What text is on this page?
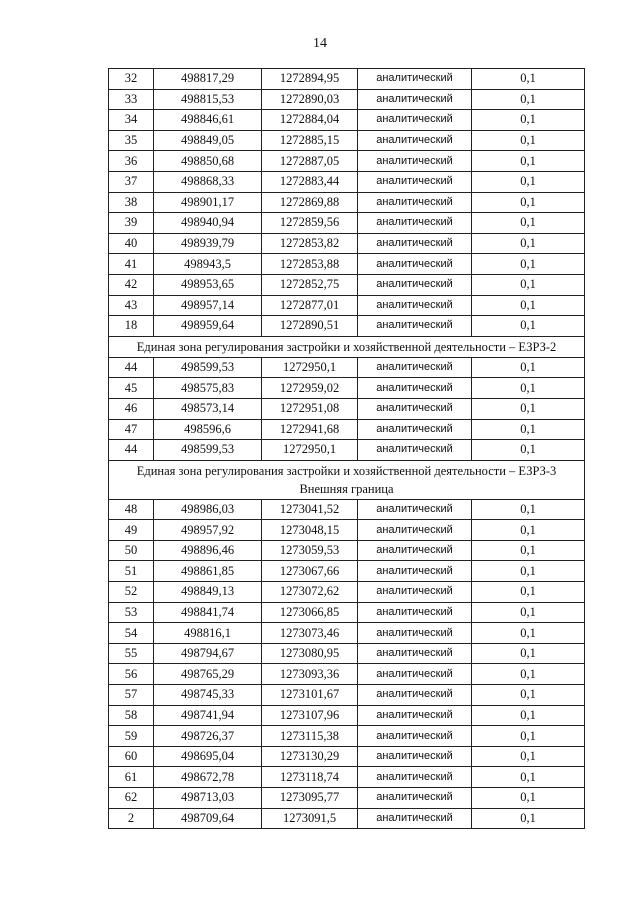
14
32	498817,29	1272894,95	аналитический	0,1
33	498815,53	1272890,03	аналитический	0,1
34	498846,61	1272884,04	аналитический	0,1
35	498849,05	1272885,15	аналитический	0,1
36	498850,68	1272887,05	аналитический	0,1
37	498868,33	1272883,44	аналитический	0,1
38	498901,17	1272869,88	аналитический	0,1
39	498940,94	1272859,56	аналитический	0,1
40	498939,79	1272853,82	аналитический	0,1
41	498943,5	1272853,88	аналитический	0,1
42	498953,65	1272852,75	аналитический	0,1
43	498957,14	1272877,01	аналитический	0,1
18	498959,64	1272890,51	аналитический	0,1

Единая зона регулирования застройки и хозяйственной деятельности – ЕЗРЗ-2				

44	498599,53	1272950,1	аналитический	0,1
45	498575,83	1272959,02	аналитический	0,1
46	498573,14	1272951,08	аналитический	0,1
47	498596,6	1272941,68	аналитический	0,1
44	498599,53	1272950,1	аналитический	0,1

Единая зона регулирования застройки и хозяйственной деятельности – ЕЗРЗ-3
Внешняя граница				

48	498986,03	1273041,52	аналитический	0,1
49	498957,92	1273048,15	аналитический	0,1
50	498896,46	1273059,53	аналитический	0,1
51	498861,85	1273067,66	аналитический	0,1
52	498849,13	1273072,62	аналитический	0,1
53	498841,74	1273066,85	аналитический	0,1
54	498816,1	1273073,46	аналитический	0,1
55	498794,67	1273080,95	аналитический	0,1
56	498765,29	1273093,36	аналитический	0,1
57	498745,33	1273101,67	аналитический	0,1
58	498741,94	1273107,96	аналитический	0,1
59	498726,37	1273115,38	аналитический	0,1
60	498695,04	1273130,29	аналитический	0,1
61	498672,78	1273118,74	аналитический	0,1
62	498713,03	1273095,77	аналитический	0,1
2	498709,64	1273091,5	аналитический	0,1
